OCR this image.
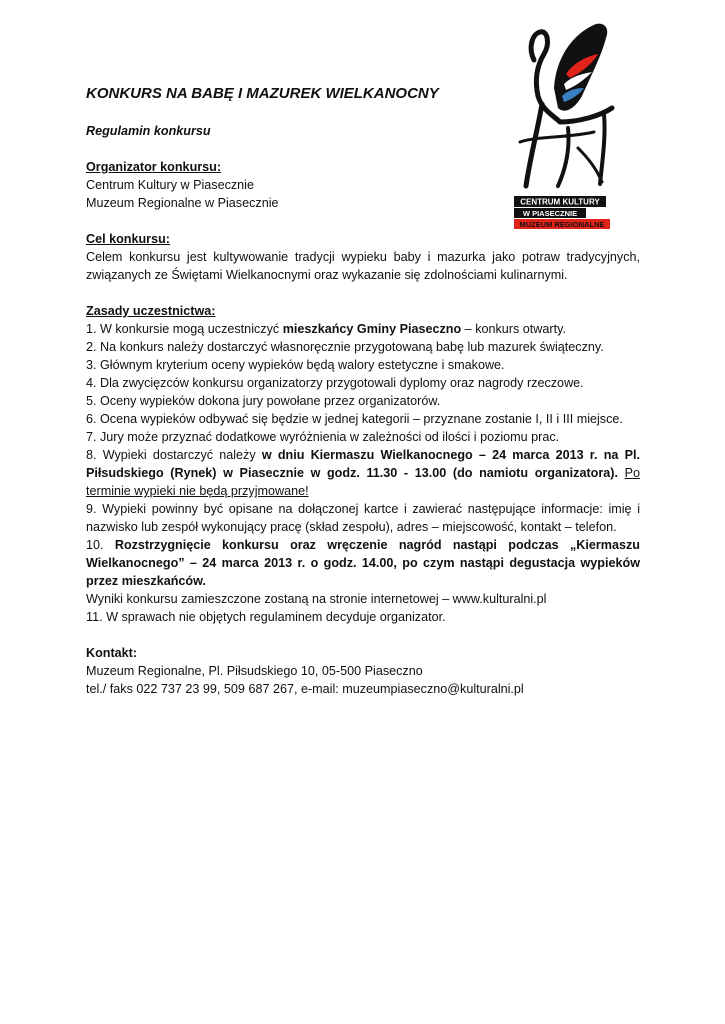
CENTRUM KULTURY
W PIASECZNIE
MUZEUM REGIONALNE

KONKURS NA BABĘ I MAZUREK WIELKANOCNY

Regulamin konkursu

Organizator konkursu:

Centrum Kultury w Piasecznie

Muzeum Regionalne w Piasecznie

Cel konkursu:

Celem konkursu jest kultywowanie tradycji wypieku baby i mazurka jako potraw tradycyjnych, związanych ze Świętami Wielkanocnymi oraz wykazanie się zdolnościami kulinarnymi.

Zasady uczestnictwa:

1. W konkursie mogą uczestniczyć mieszkańcy Gminy Piaseczno – konkurs otwarty.

2. Na konkurs należy dostarczyć własnoręcznie przygotowaną babę lub mazurek świąteczny.

3. Głównym kryterium oceny wypieków będą walory estetyczne i smakowe.

4. Dla zwycięzców konkursu organizatorzy przygotowali dyplomy oraz nagrody rzeczowe.

5. Oceny wypieków dokona jury powołane przez organizatorów.

6. Ocena wypieków odbywać się będzie w jednej kategorii – przyznane zostanie I, II i III miejsce.

7. Jury może przyznać dodatkowe wyróżnienia w zależności od ilości i poziomu prac.

8. Wypieki dostarczyć należy w dniu Kiermaszu Wielkanocnego – 24 marca 2013 r. na Pl. Piłsudskiego (Rynek) w Piasecznie w godz. 11.30 - 13.00 (do namiotu organizatora). Po terminie wypieki nie będą przyjmowane!

9. Wypieki powinny być opisane na dołączonej kartce i zawierać następujące informacje: imię i nazwisko lub zespół wykonujący pracę (skład zespołu), adres – miejscowość, kontakt – telefon.

10. Rozstrzygnięcie konkursu oraz wręczenie nagród nastąpi podczas „Kiermaszu Wielkanocnego” – 24 marca 2013 r. o godz. 14.00, po czym nastąpi degustacja wypieków przez mieszkańców.

Wyniki konkursu zamieszczone zostaną na stronie internetowej – www.kulturalni.pl

11. W sprawach nie objętych regulaminem decyduje organizator.

Kontakt:

Muzeum Regionalne, Pl. Piłsudskiego 10, 05-500 Piaseczno

tel./ faks 022 737 23 99, 509 687 267, e-mail: muzeumpiaseczno@kulturalni.pl
